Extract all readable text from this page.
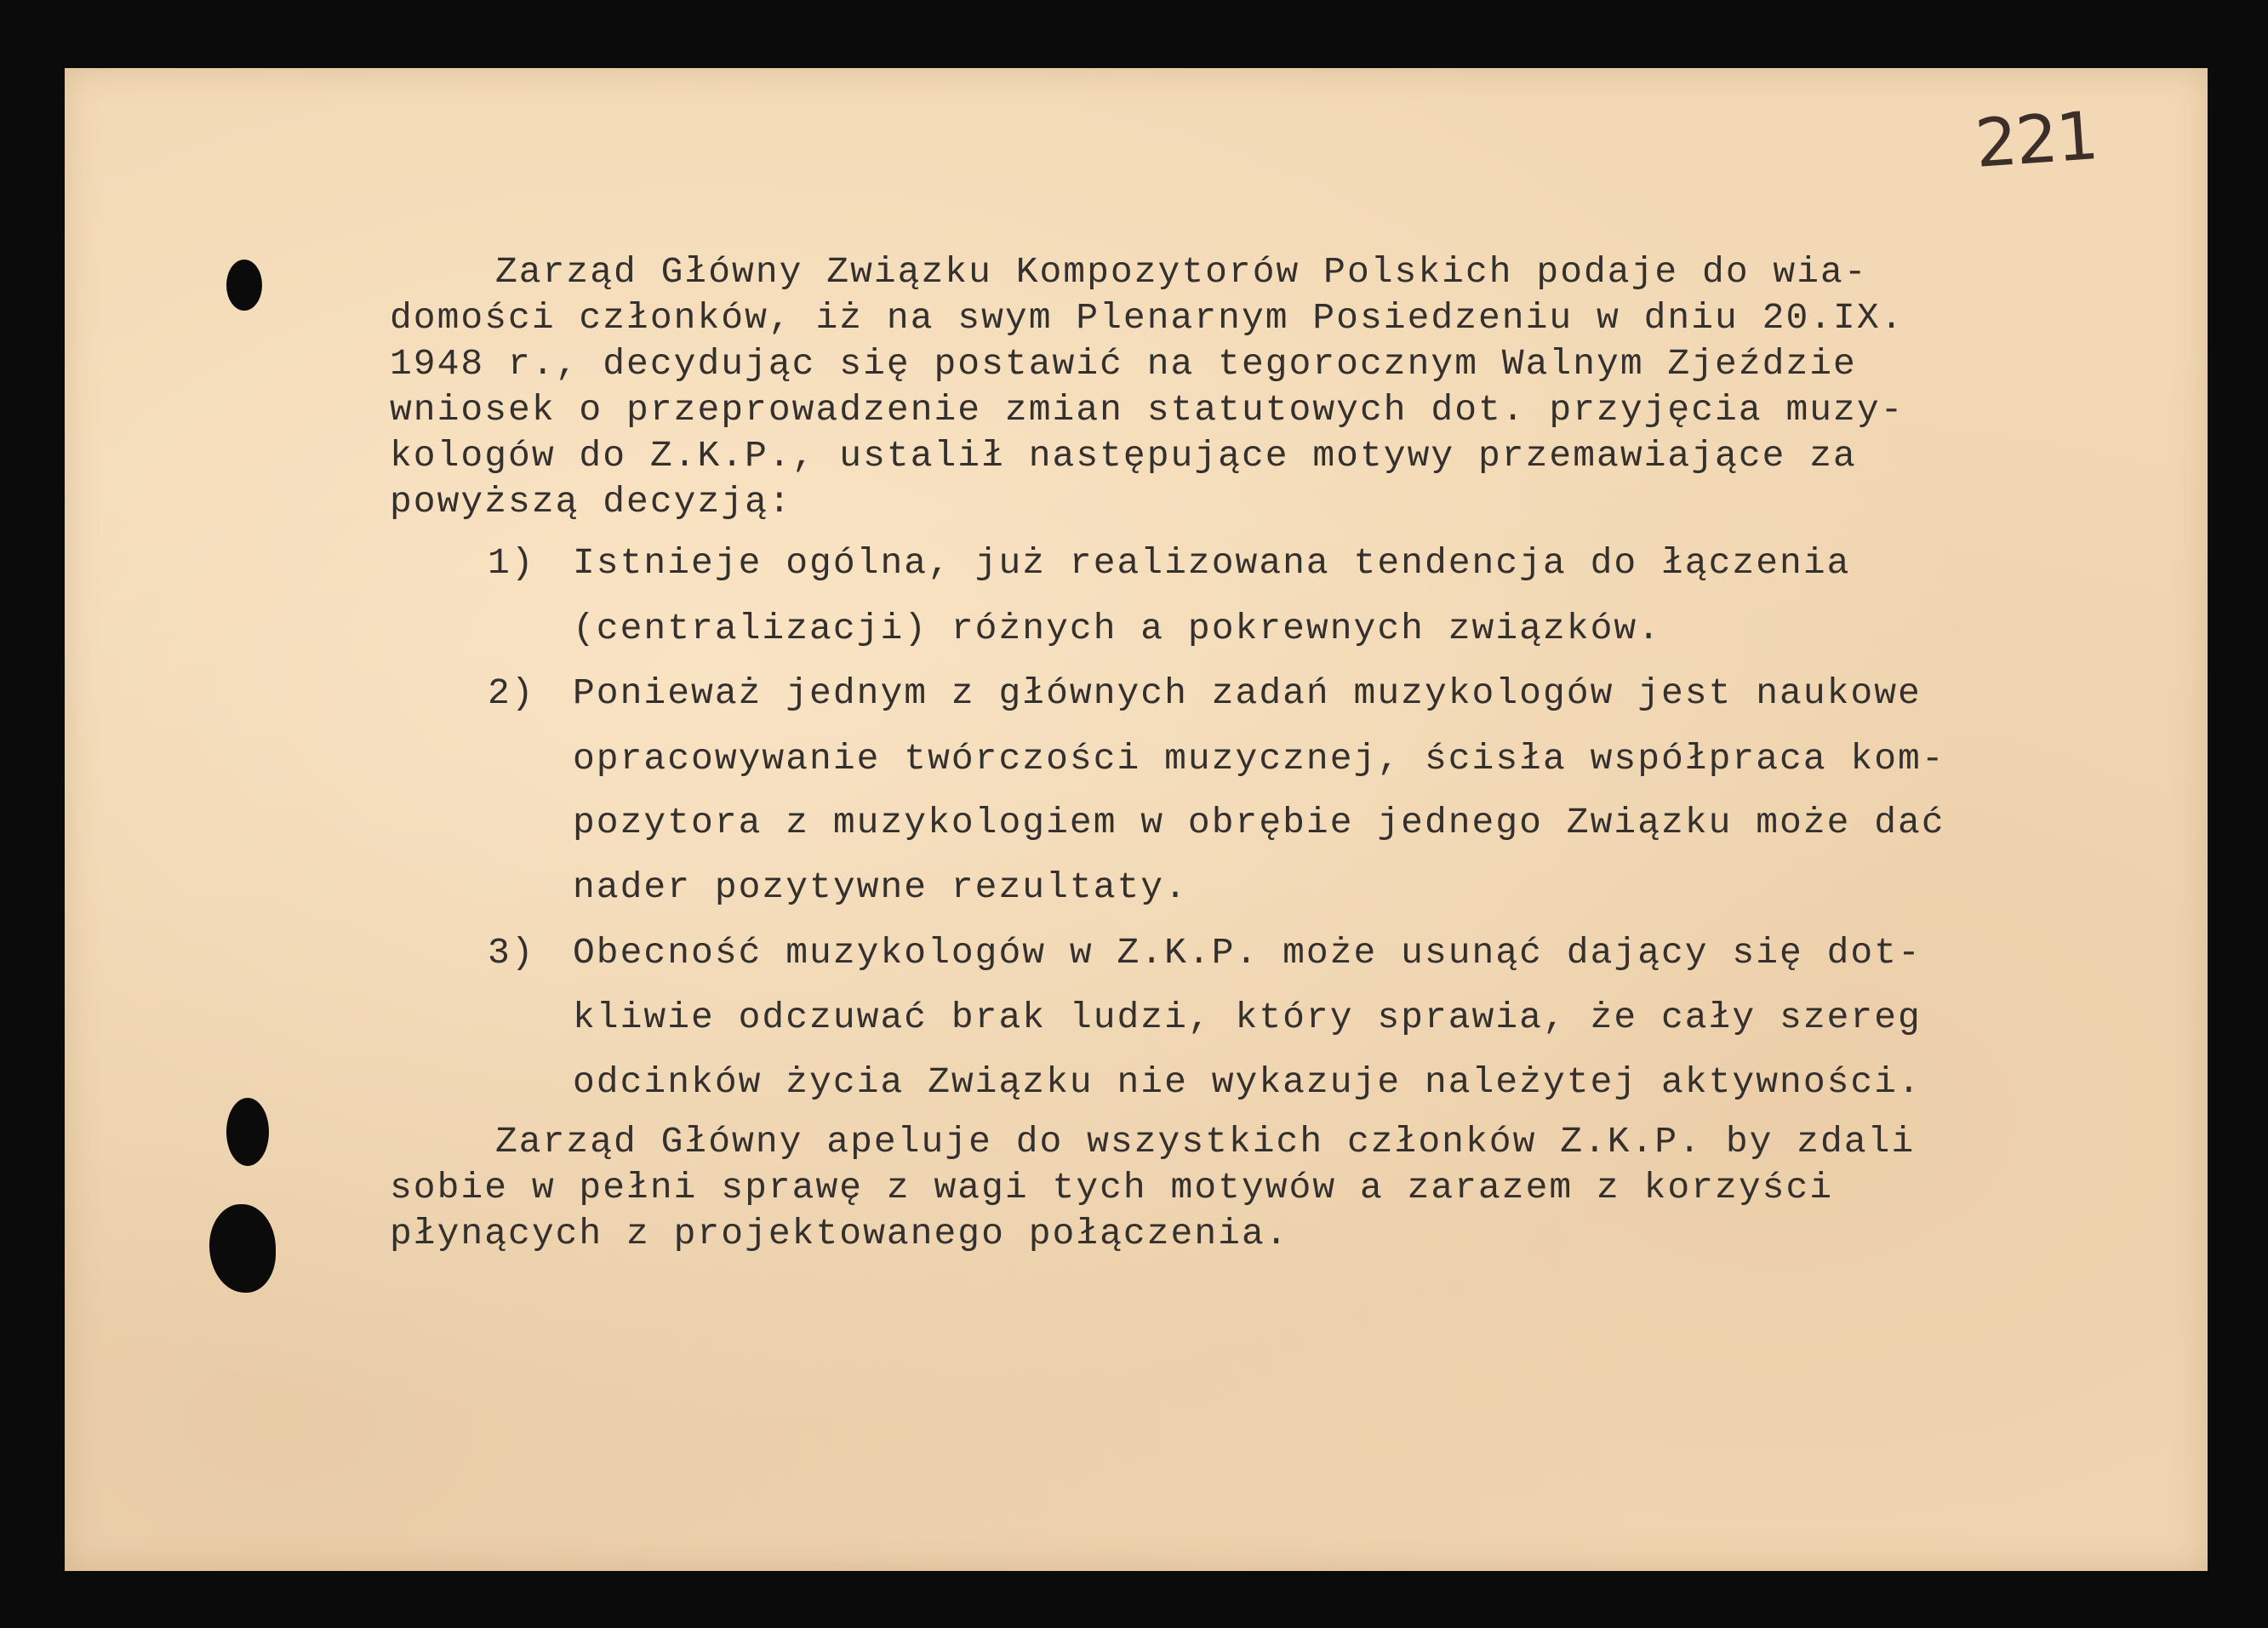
221

Zarząd Główny Związku Kompozytorów Polskich podaje do wia-

domości członków, iż na swym Plenarnym Posiedzeniu w dniu 20.IX.

1948 r., decydując się postawić na tegorocznym Walnym Zjeździe

wniosek o przeprowadzenie zmian statutowych dot. przyjęcia muzy-

kologów do Z.K.P., ustalił następujące motywy przemawiające za

powyższą decyzją:

1)

Istnieje ogólna, już realizowana tendencja do łączenia

(centralizacji) różnych a pokrewnych związków.

2)

Ponieważ jednym z głównych zadań muzykologów jest naukowe

opracowywanie twórczości muzycznej, ścisła współpraca kom-

pozytora z muzykologiem w obrębie jednego Związku może dać

nader pozytywne rezultaty.

3)

Obecność muzykologów w Z.K.P. może usunąć dający się dot-

kliwie odczuwać brak ludzi, który sprawia, że cały szereg

odcinków życia Związku nie wykazuje należytej aktywności.

Zarząd Główny apeluje do wszystkich członków Z.K.P. by zdali

sobie w pełni sprawę z wagi tych motywów a zarazem z korzyści

płynących z projektowanego połączenia.
